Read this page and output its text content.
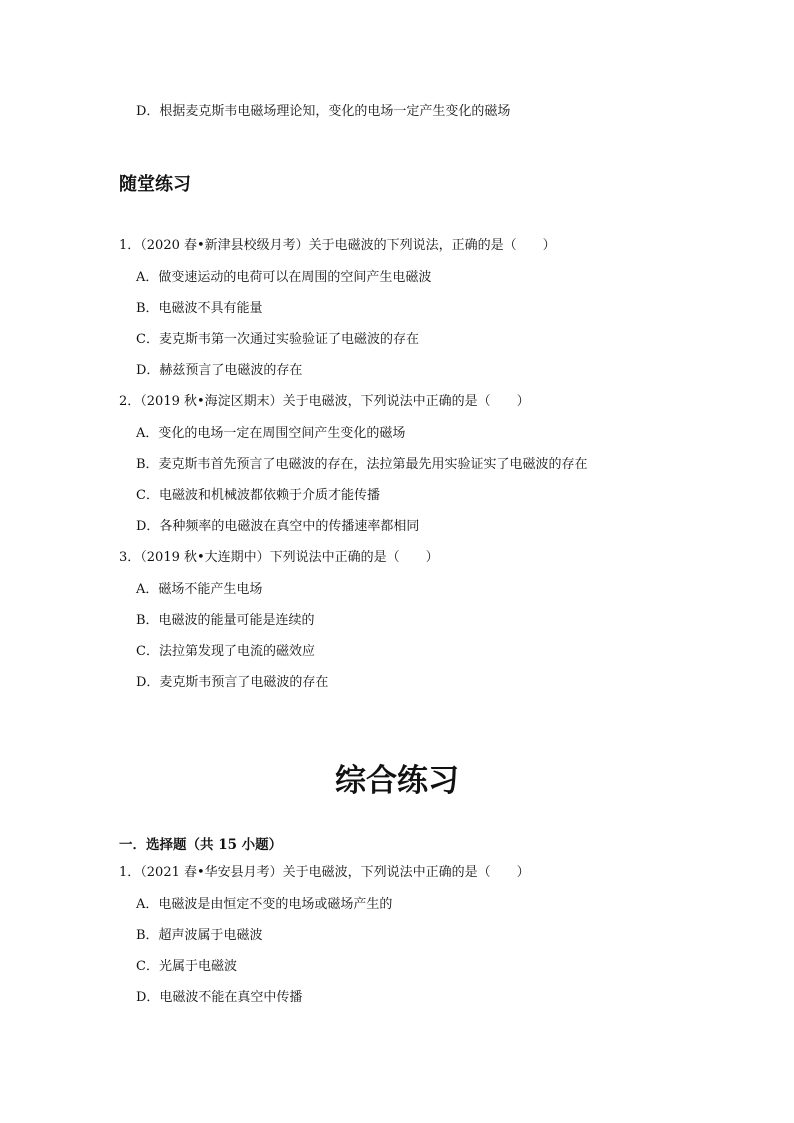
D．根据麦克斯韦电磁场理论知，变化的电场一定产生变化的磁场
随堂练习
1．（2020 春•新津县校级月考）关于电磁波的下列说法，正确的是（　　）
A．做变速运动的电荷可以在周围的空间产生电磁波
B．电磁波不具有能量
C．麦克斯韦第一次通过实验验证了电磁波的存在
D．赫兹预言了电磁波的存在
2．（2019 秋•海淀区期末）关于电磁波，下列说法中正确的是（　　）
A．变化的电场一定在周围空间产生变化的磁场
B．麦克斯韦首先预言了电磁波的存在，法拉第最先用实验证实了电磁波的存在
C．电磁波和机械波都依赖于介质才能传播
D．各种频率的电磁波在真空中的传播速率都相同
3．（2019 秋•大连期中）下列说法中正确的是（　　）
A．磁场不能产生电场
B．电磁波的能量可能是连续的
C．法拉第发现了电流的磁效应
D．麦克斯韦预言了电磁波的存在
综合练习
一．选择题（共 15 小题）
1．（2021 春•华安县月考）关于电磁波，下列说法中正确的是（　　）
A．电磁波是由恒定不变的电场或磁场产生的
B．超声波属于电磁波
C．光属于电磁波
D．电磁波不能在真空中传播
